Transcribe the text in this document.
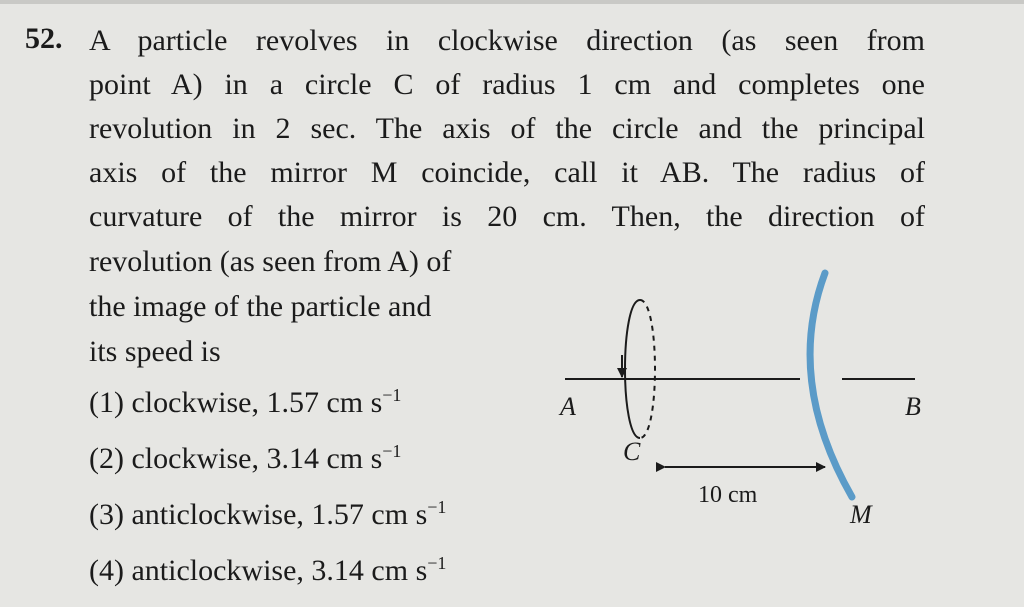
52. A particle revolves in clockwise direction (as seen from
point A) in a circle C of radius 1 cm and completes one
revolution in 2 sec. The axis of the circle and the principal
axis of the mirror M coincide, call it AB. The radius of
curvature of the mirror is 20 cm. Then, the direction of
revolution (as seen from A) of
the image of the particle and
its speed is
(1) clockwise, 1.57 cm $s^{-1}$
(2) clockwise, 3.14 cm $s^{-1}$
(3) anticlockwise, 1.57 cm $s^{-1}$
(4) anticlockwise, 3.14 cm $s^{-1}$
A	B
C
M
10 cm
